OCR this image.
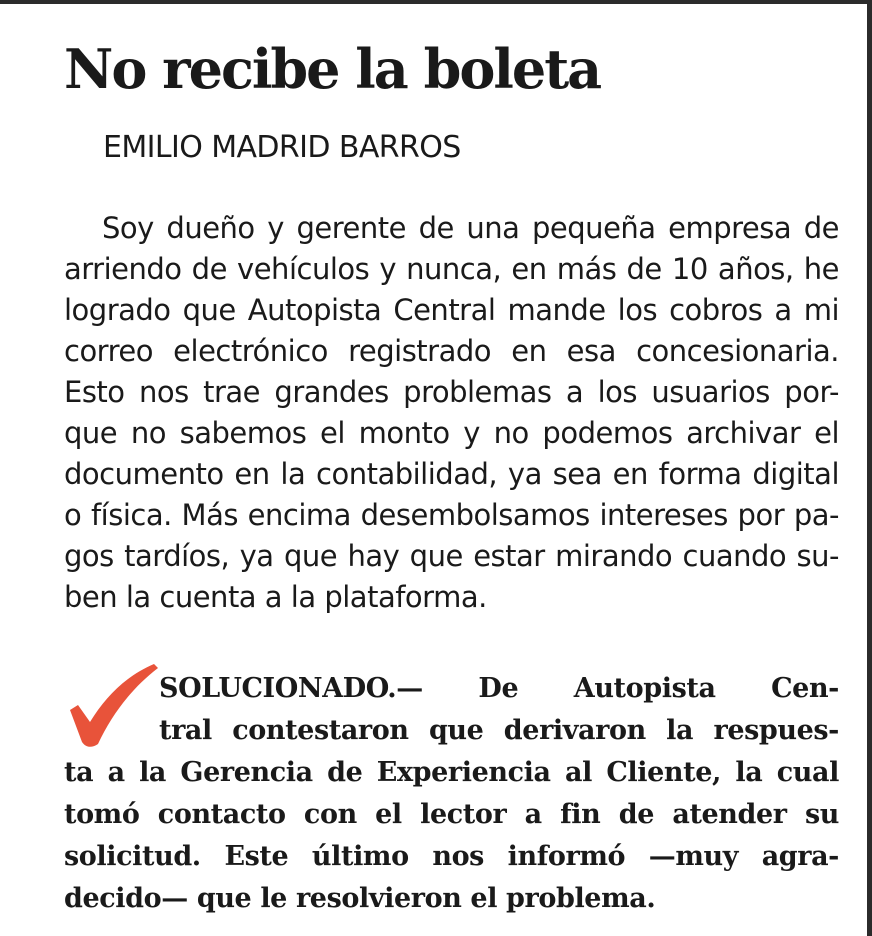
No recibe la boleta
EMILIO MADRID BARROS
Soy dueño y gerente de una pequeña empresa de
arriendo de vehículos y nunca, en más de 10 años, he
logrado que Autopista Central mande los cobros a mi
correo electrónico registrado en esa concesionaria.
Esto nos trae grandes problemas a los usuarios por-
que no sabemos el monto y no podemos archivar el
documento en la contabilidad, ya sea en forma digital
o física. Más encima desembolsamos intereses por pa-
gos tardíos, ya que hay que estar mirando cuando su-
ben la cuenta a la plataforma.
SOLUCIONADO.— De Autopista Cen-
tral contestaron que derivaron la respues-
ta a la Gerencia de Experiencia al Cliente, la cual
tomó contacto con el lector a fin de atender su
solicitud. Este último nos informó —muy agra-
decido— que le resolvieron el problema.
